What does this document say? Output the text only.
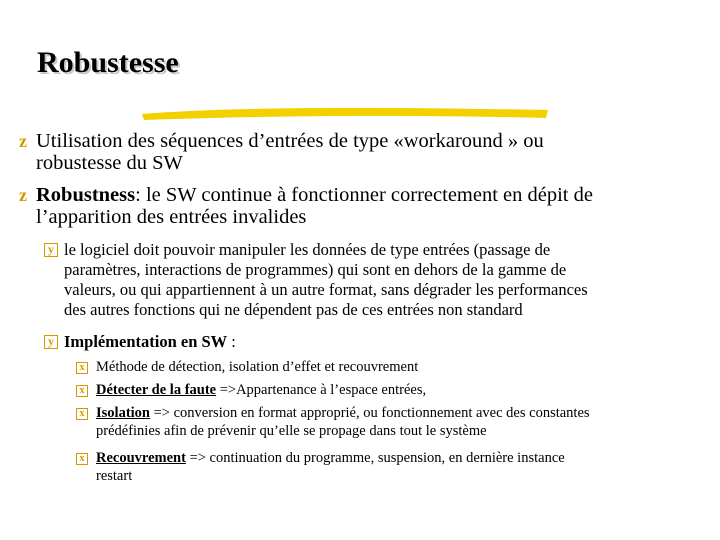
Robustesse
z Utilisation des séquences d’entrées de type «workaround » ou
robustesse du SW
z Robustness: le SW continue à fonctionner correctement en dépit de
l’apparition des entrées invalides
y le logiciel doit pouvoir manipuler les données de type entrées (passage de
paramètres, interactions de programmes) qui sont en dehors de la gamme de
valeurs, ou qui appartiennent à un autre format, sans dégrader les performances
des autres fonctions qui ne dépendent pas de ces entrées non standard
y Implémentation en SW :
x Méthode de détection, isolation d’effet et recouvrement
x Détecter de la faute =>Appartenance à l’espace entrées,
x Isolation => conversion en format approprié, ou fonctionnement avec des constantes
prédéfinies afin de prévenir qu’elle se propage dans tout le système
x Recouvrement => continuation du programme, suspension, en dernière instance
restart
